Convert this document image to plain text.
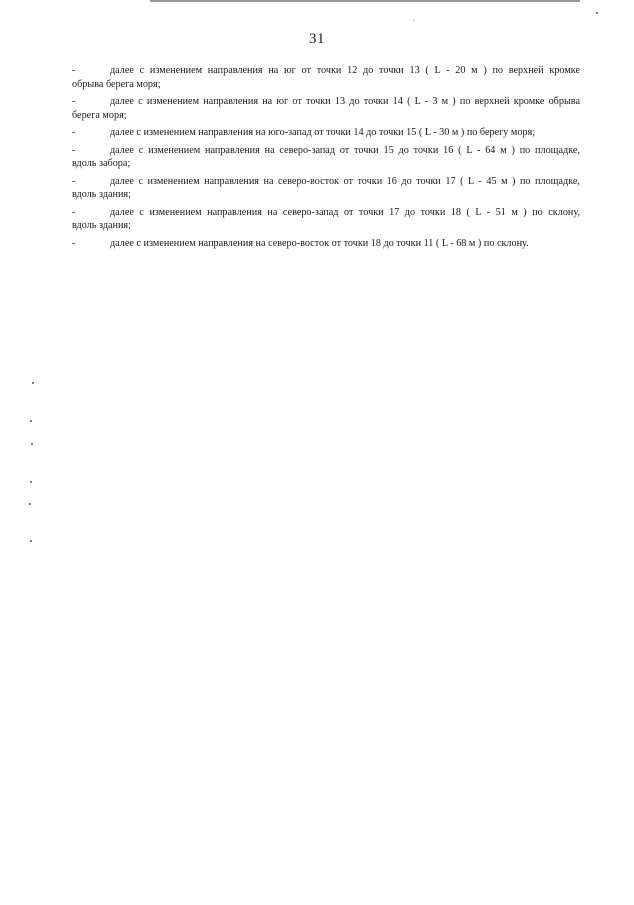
31
-	далее с изменением направления на юг от точки 12 до точки 13 ( L - 20 м ) по верхней кромке
обрыва берега моря;
-	далее с изменением направления на юг от точки 13 до точки 14 ( L - 3 м ) по верхней кромке обрыва
берега моря;
-	далее с изменением направления на юго-запад от точки 14 до точки 15 ( L - 30 м ) по берегу моря;
-	далее с изменением направления на северо-запад от точки 15 до точки 16 ( L - 64 м ) по площадке,
вдоль забора;
-	далее с изменением направления на северо-восток от точки 16 до точки 17 ( L - 45 м ) по площадке,
вдоль здания;
-	далее с изменением направления на северо-запад от точки 17 до точки 18 ( L - 51 м ) по склону,
вдоль здания;
-	далее с изменением направления на северо-восток от точки 18 до точки 11 ( L - 68 м ) по склону.
